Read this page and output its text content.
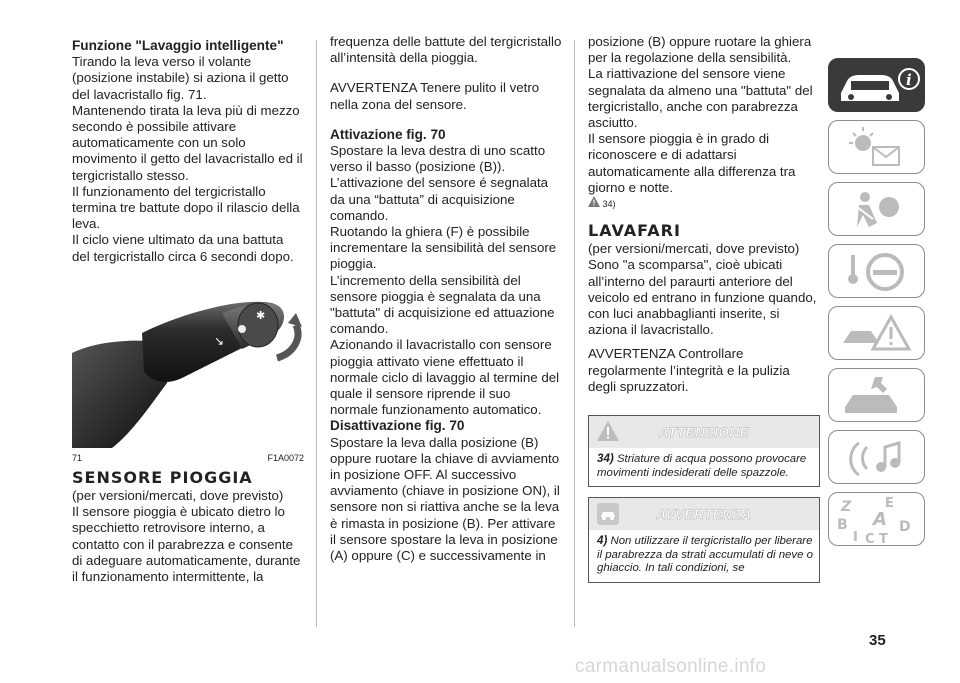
Funzione "Lavaggio intelligente"

Tirando la leva verso il volante (posizione instabile) si aziona il getto del lavacristallo fig. 71.

Mantenendo tirata la leva più di mezzo secondo è possibile attivare automaticamente con un solo movimento il getto del lavacristallo ed il tergicristallo stesso.

Il funzionamento del tergicristallo termina tre battute dopo il rilascio della leva.

Il ciclo viene ultimato da una battuta del tergicristallo circa 6 secondi dopo.

↘
✱
71	F1A0072

SENSORE PIOGGIA

(per versioni/mercati, dove previsto)

Il sensore pioggia è ubicato dietro lo specchietto retrovisore interno, a contatto con il parabrezza e consente di adeguare automaticamente, durante il funzionamento intermittente, la

frequenza delle battute del tergicristallo all’intensità della pioggia.

AVVERTENZA Tenere pulito il vetro nella zona del sensore.

Attivazione fig. 70

Spostare la leva destra di uno scatto verso il basso (posizione (B)).

L’attivazione del sensore é segnalata da una “battuta” di acquisizione comando.

Ruotando la ghiera (F) è possibile incrementare la sensibilità del sensore pioggia.

L’incremento della sensibilità del sensore pioggia è segnalata da una "battuta" di acquisizione ed attuazione comando.

Azionando il lavacristallo con sensore pioggia attivato viene effettuato il normale ciclo di lavaggio al termine del quale il sensore riprende il suo normale funzionamento automatico.

Disattivazione fig. 70

Spostare la leva dalla posizione (B) oppure ruotare la chiave di avviamento in posizione OFF. Al successivo avviamento (chiave in posizione ON), il sensore non si riattiva anche se la leva è rimasta in posizione (B). Per attivare il sensore spostare la leva in posizione (A) oppure (C) e successivamente in

posizione (B) oppure ruotare la ghiera per la regolazione della sensibilità.

La riattivazione del sensore viene segnalata da almeno una "battuta" del tergicristallo, anche con parabrezza asciutto.

Il sensore pioggia è in grado di riconoscere e di adattarsi automaticamente alla differenza tra giorno e notte.

34)

LAVAFARI

(per versioni/mercati, dove previsto)

Sono "a scomparsa", cioè ubicati all’interno del paraurti anteriore del veicolo ed entrano in funzione quando, con luci anabbaglianti inserite, si aziona il lavacristallo.

AVVERTENZA Controllare regolarmente l’integrità e la pulizia degli spruzzatori.

ATTENZIONE
34) Striature di acqua possono provocare movimenti indesiderati delle spazzole.
AVVERTENZA
4) Non utilizzare il tergicristallo per liberare il parabrezza da strati accumulati di neve o ghiaccio. In tali condizioni, se
i
Z	E
B A D
I C T
35
carmanualsonline.info
